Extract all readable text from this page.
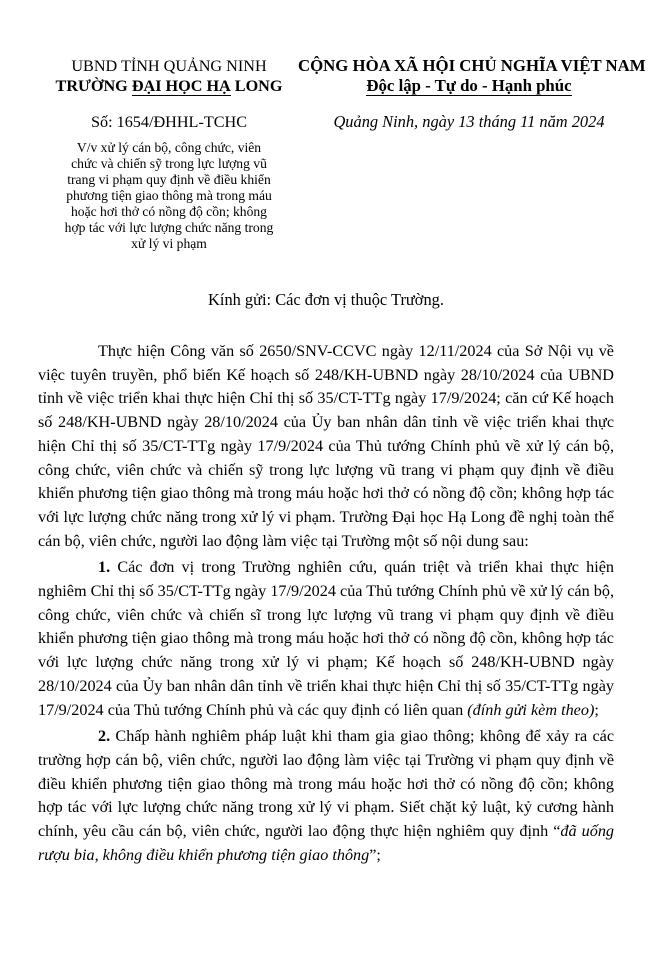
UBND TỈNH QUẢNG NINH
TRƯỜNG ĐẠI HỌC HẠ LONG
CỘNG HÒA XÃ HỘI CHỦ NGHĨA VIỆT NAM
Độc lập - Tự do - Hạnh phúc
Số: 1654/ĐHHL-TCHC	Quảng Ninh, ngày 13 tháng 11 năm 2024
V/v xử lý cán bộ, công chức, viên
chức và chiến sỹ trong lực lượng vũ
trang vi phạm quy định về điều khiển
phương tiện giao thông mà trong máu
hoặc hơi thở có nồng độ cồn; không
hợp tác với lực lượng chức năng trong
xử lý vi phạm
Kính gửi: Các đơn vị thuộc Trường.

Thực hiện Công văn số 2650/SNV-CCVC ngày 12/11/2024 của Sở Nội vụ về việc tuyên truyền, phổ biến Kế hoạch số 248/KH-UBND ngày 28/10/2024 của UBND tỉnh về việc triển khai thực hiện Chỉ thị số 35/CT-TTg ngày 17/9/2024; căn cứ Kế hoạch số 248/KH-UBND ngày 28/10/2024 của Ủy ban nhân dân tỉnh về việc triển khai thực hiện Chỉ thị số 35/CT-TTg ngày 17/9/2024 của Thủ tướng Chính phủ về xử lý cán bộ, công chức, viên chức và chiến sỹ trong lực lượng vũ trang vi phạm quy định về điều khiển phương tiện giao thông mà trong máu hoặc hơi thở có nồng độ cồn; không hợp tác với lực lượng chức năng trong xử lý vi phạm. Trường Đại học Hạ Long đề nghị toàn thể cán bộ, viên chức, người lao động làm việc tại Trường một số nội dung sau:

1. Các đơn vị trong Trường nghiên cứu, quán triệt và triển khai thực hiện nghiêm Chỉ thị số 35/CT-TTg ngày 17/9/2024 của Thủ tướng Chính phủ về xử lý cán bộ, công chức, viên chức và chiến sĩ trong lực lượng vũ trang vi phạm quy định về điều khiển phương tiện giao thông mà trong máu hoặc hơi thở có nồng độ cồn, không hợp tác với lực lượng chức năng trong xử lý vi phạm; Kế hoạch số 248/KH-UBND ngày 28/10/2024 của Ủy ban nhân dân tỉnh về triển khai thực hiện Chỉ thị số 35/CT-TTg ngày 17/9/2024 của Thủ tướng Chính phủ và các quy định có liên quan (đính gửi kèm theo);

2. Chấp hành nghiêm pháp luật khi tham gia giao thông; không để xảy ra các trường hợp cán bộ, viên chức, người lao động làm việc tại Trường vi phạm quy định về điều khiển phương tiện giao thông mà trong máu hoặc hơi thở có nồng độ cồn; không hợp tác với lực lượng chức năng trong xử lý vi phạm. Siết chặt kỷ luật, kỷ cương hành chính, yêu cầu cán bộ, viên chức, người lao động thực hiện nghiêm quy định “đã uống rượu bia, không điều khiển phương tiện giao thông”;
